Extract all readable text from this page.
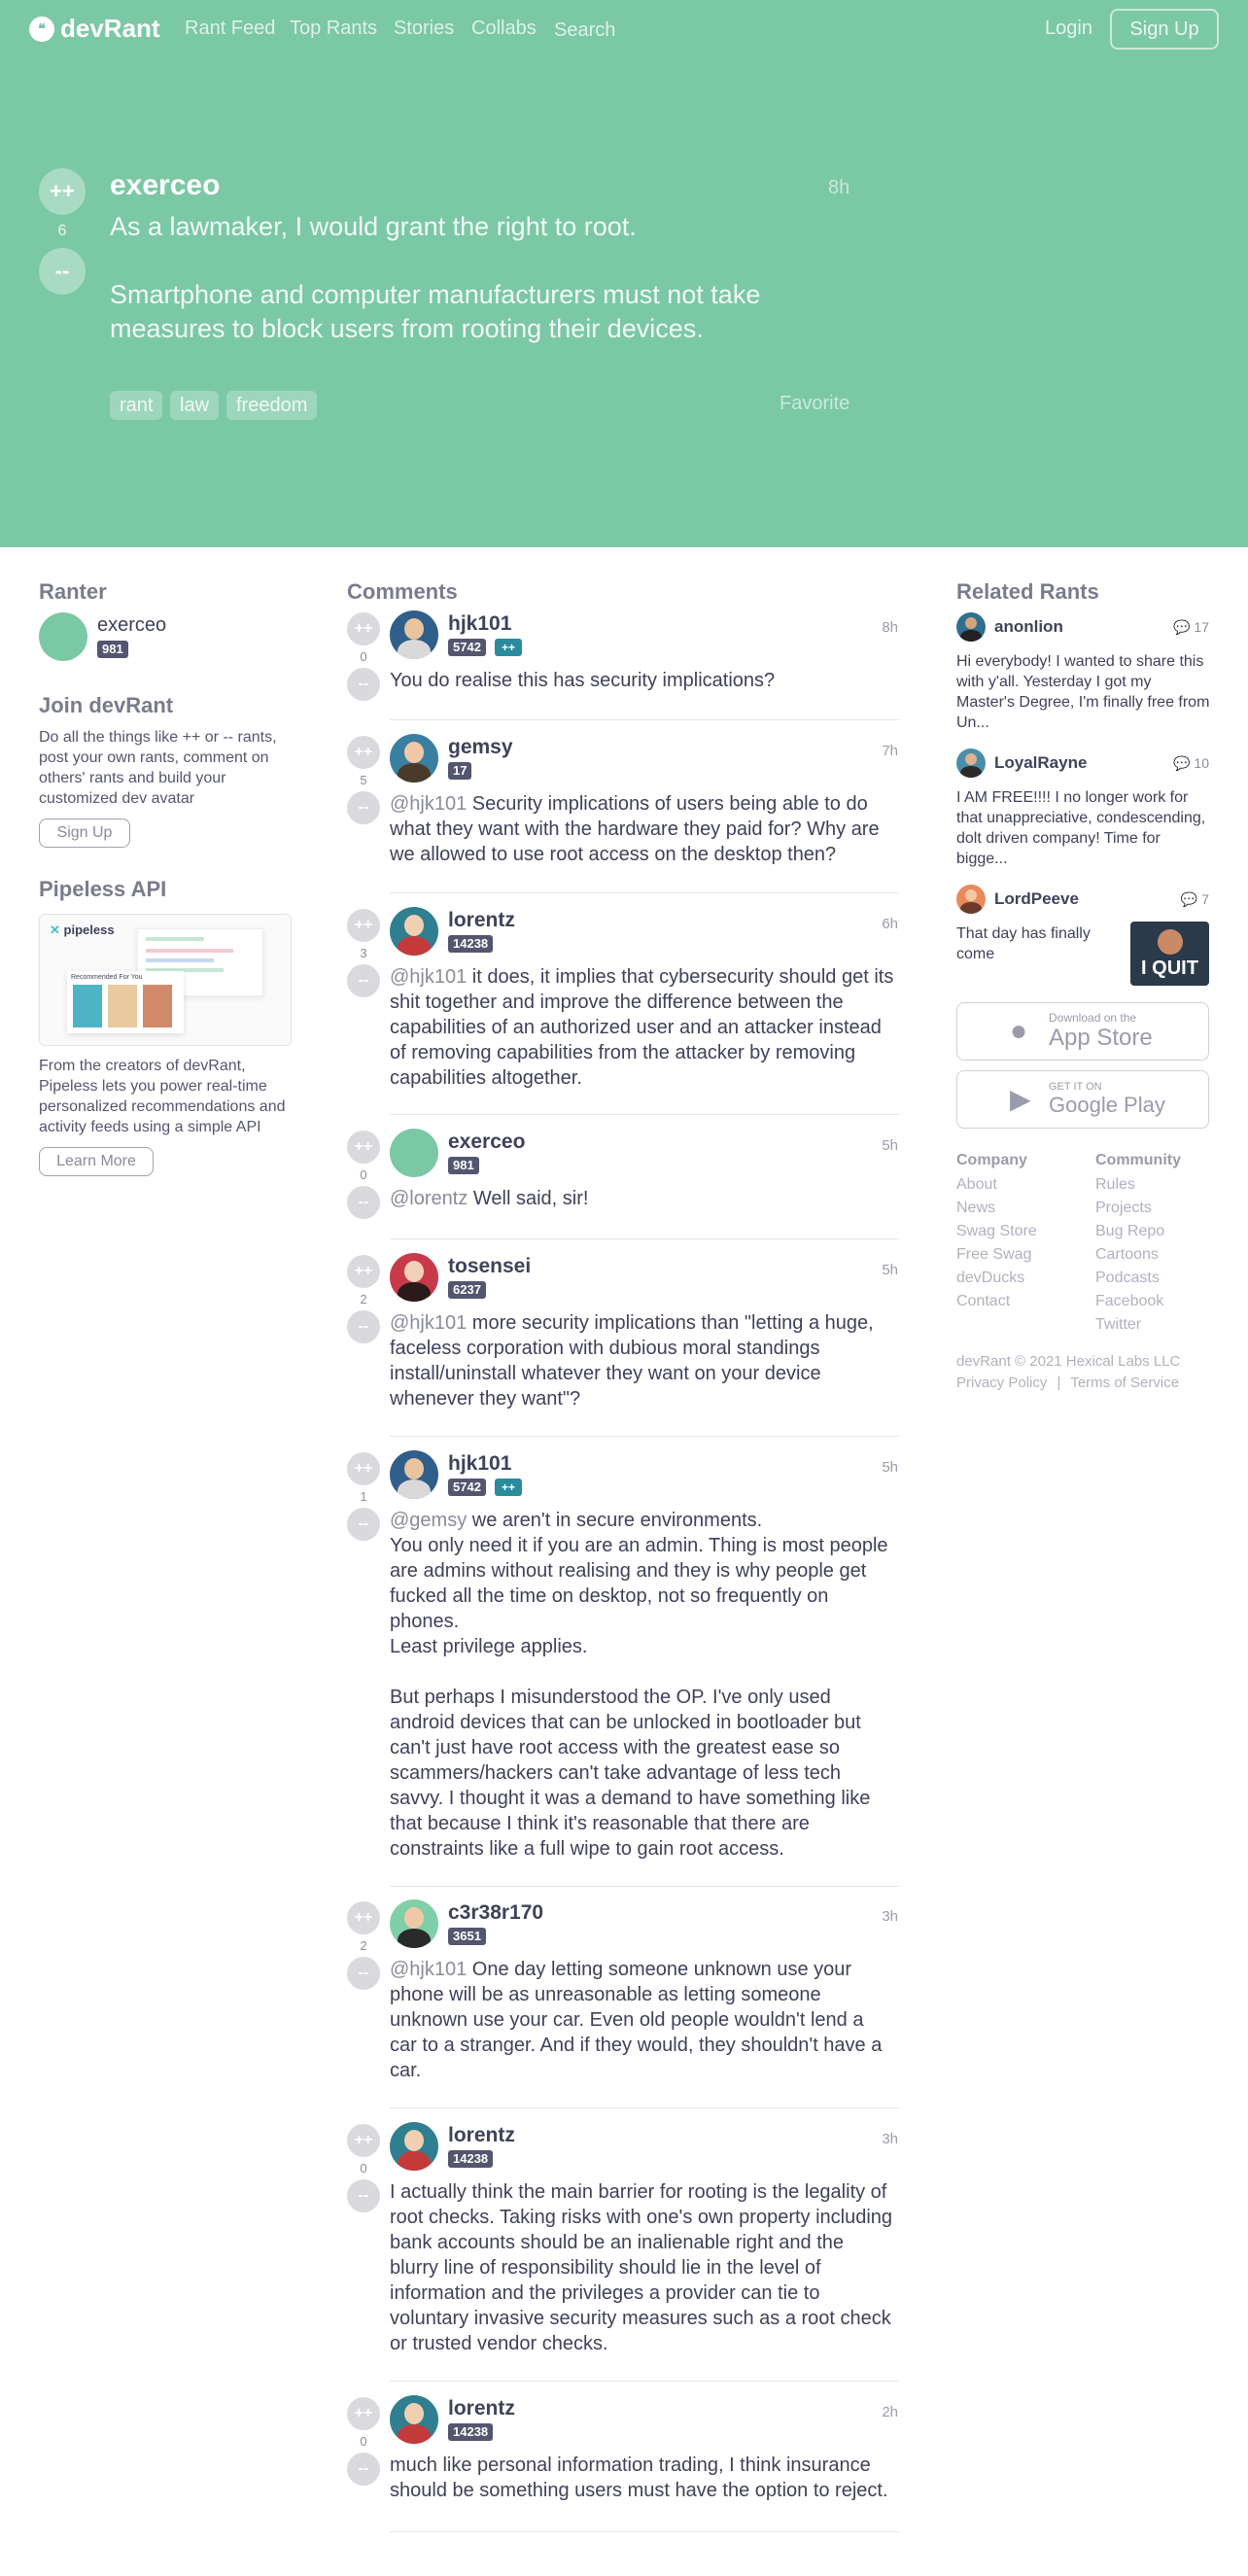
❝ devRant Rant Feed Top Rants Stories Collabs Search	Login	Sign Up
++
6
--
exerceo	8h
As a lawmaker, I would grant the right to root.

Smartphone and computer manufacturers must not take measures to block users from rooting their devices.
rant	law	freedom	Favorite
Ranter
exerceo
981
Join devRant
Do all the things like ++ or -- rants, post your own rants, comment on others' rants and build your customized dev avatar
Sign Up
Pipeless API
✕ pipeless
Recommended For You
From the creators of devRant, Pipeless lets you power real-time personalized recommendations and activity feeds using a simple API
Learn More
Comments
++
0
--
hjk101
5742	++
8h
You do realise this has security implications?
++
5
--
gemsy
17
7h
@hjk101 Security implications of users being able to do what they want with the hardware they paid for? Why are we allowed to use root access on the desktop then?
++
3
--
lorentz
14238
6h
@hjk101 it does, it implies that cybersecurity should get its shit together and improve the difference between the capabilities of an authorized user and an attacker instead of removing capabilities from the attacker by removing capabilities altogether.
++
0
--
exerceo
981
5h
@lorentz Well said, sir!
++
2
--
tosensei
6237
5h
@hjk101 more security implications than "letting a huge, faceless corporation with dubious moral standings install/uninstall whatever they want on your device whenever they want"?
++
1
--
hjk101
5742	++
5h
@gemsy we aren't in secure environments.
You only need it if you are an admin. Thing is most people are admins without realising and they is why people get fucked all the time on desktop, not so frequently on phones.
Least privilege applies.

But perhaps I misunderstood the OP. I've only used android devices that can be unlocked in bootloader but can't just have root access with the greatest ease so scammers/hackers can't take advantage of less tech savvy. I thought it was a demand to have something like that because I think it's reasonable that there are constraints like a full wipe to gain root access.
++
2
--
c3r38r170
3651
3h
@hjk101 One day letting someone unknown use your phone will be as unreasonable as letting someone unknown use your car. Even old people wouldn't lend a car to a stranger. And if they would, they shouldn't have a car.
++
0
--
lorentz
14238
3h
I actually think the main barrier for rooting is the legality of root checks. Taking risks with one's own property including bank accounts should be an inalienable right and the blurry line of responsibility should lie in the level of information and the privileges a provider can tie to voluntary invasive security measures such as a root check or trusted vendor checks.
++
0
--
lorentz
14238
2h
much like personal information trading, I think insurance should be something users must have the option to reject.
Related Rants
anonlion	💬 17
Hi everybody! I wanted to share this with y'all. Yesterday I got my Master's Degree, I'm finally free from Un...
LoyalRayne	💬 10
I AM FREE!!!! I no longer work for that unappreciative, condescending, dolt driven company! Time for bigge...
LordPeeve	💬 7
That day has finally come
I QUIT
● Download on the
App Store
▶ GET IT ON
Google Play
Company	Community
About
News
Swag Store
Free Swag
devDucks
Contact
Rules
Projects
Bug Repo
Cartoons
Podcasts
Facebook
Twitter
devRant © 2021 Hexical Labs LLC
Privacy Policy | Terms of Service
